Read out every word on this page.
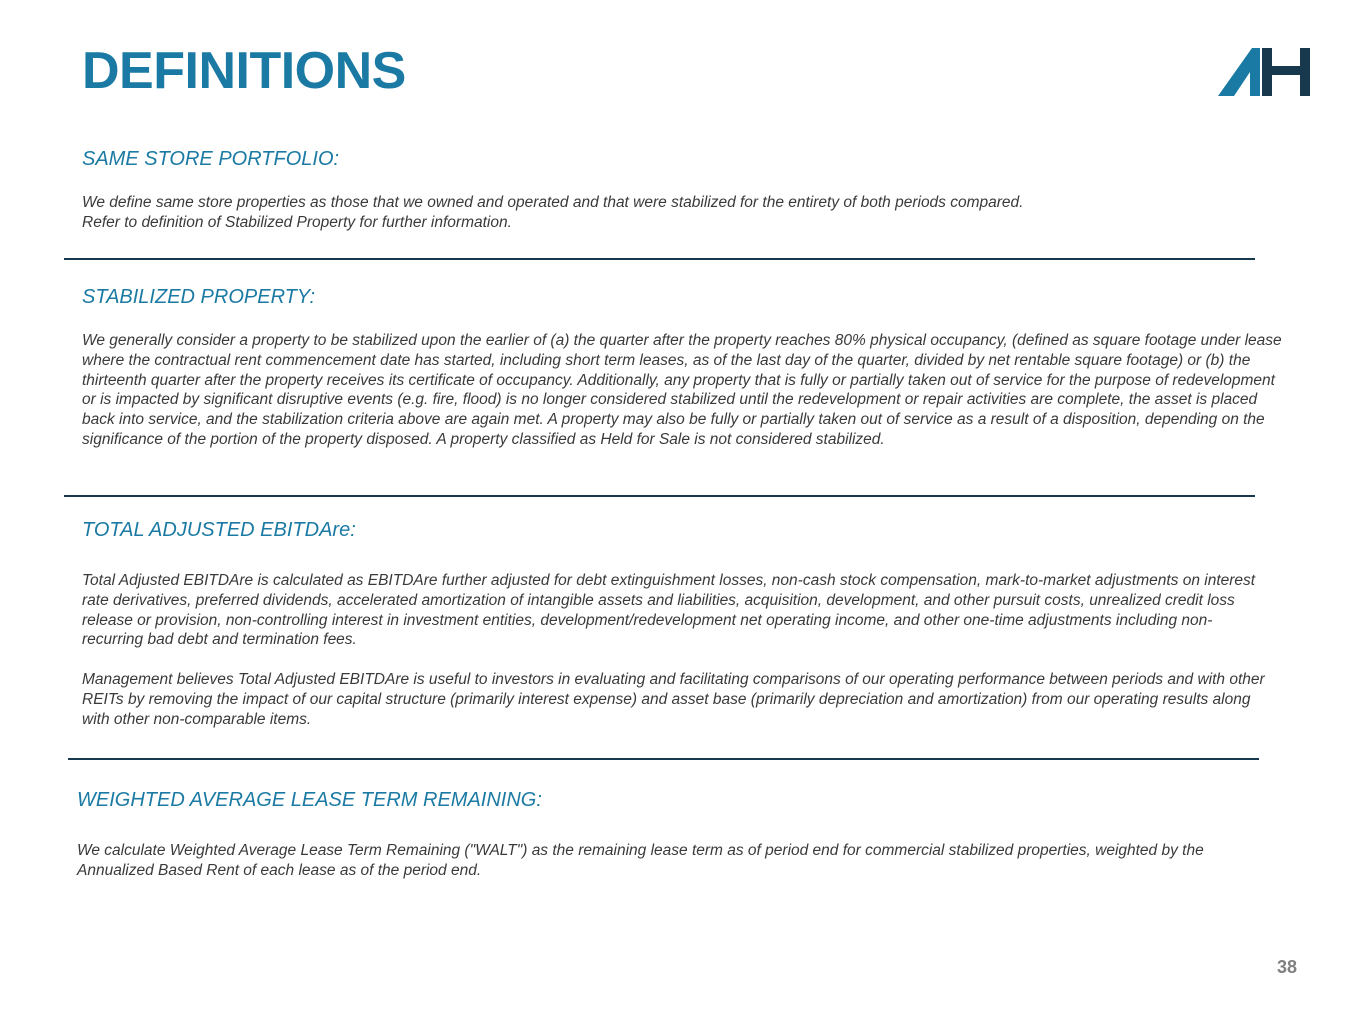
DEFINITIONS
SAME STORE PORTFOLIO:

We define same store properties as those that we owned and operated and that were stabilized for the entirety of both periods compared.
Refer to definition of Stabilized Property for further information.

STABILIZED PROPERTY:

We generally consider a property to be stabilized upon the earlier of (a) the quarter after the property reaches 80% physical occupancy, (defined as square footage under lease where the contractual rent commencement date has started, including short term leases, as of the last day of the quarter, divided by net rentable square footage) or (b) the thirteenth quarter after the property receives its certificate of occupancy. Additionally, any property that is fully or partially taken out of service for the purpose of redevelopment or is impacted by significant disruptive events (e.g. fire, flood) is no longer considered stabilized until the redevelopment or repair activities are complete, the asset is placed back into service, and the stabilization criteria above are again met. A property may also be fully or partially taken out of service as a result of a disposition, depending on the significance of the portion of the property disposed. A property classified as Held for Sale is not considered stabilized.

TOTAL ADJUSTED EBITDAre:

Total Adjusted EBITDAre is calculated as EBITDAre further adjusted for debt extinguishment losses, non-cash stock compensation, mark-to-market adjustments on interest rate derivatives, preferred dividends, accelerated amortization of intangible assets and liabilities, acquisition, development, and other pursuit costs, unrealized credit loss release or provision, non-controlling interest in investment entities, development/redevelopment net operating income, and other one-time adjustments including non-recurring bad debt and termination fees.

Management believes Total Adjusted EBITDAre is useful to investors in evaluating and facilitating comparisons of our operating performance between periods and with other REITs by removing the impact of our capital structure (primarily interest expense) and asset base (primarily depreciation and amortization) from our operating results along with other non-comparable items.

WEIGHTED AVERAGE LEASE TERM REMAINING:

We calculate Weighted Average Lease Term Remaining ("WALT") as the remaining lease term as of period end for commercial stabilized properties, weighted by the Annualized Based Rent of each lease as of the period end.

38
